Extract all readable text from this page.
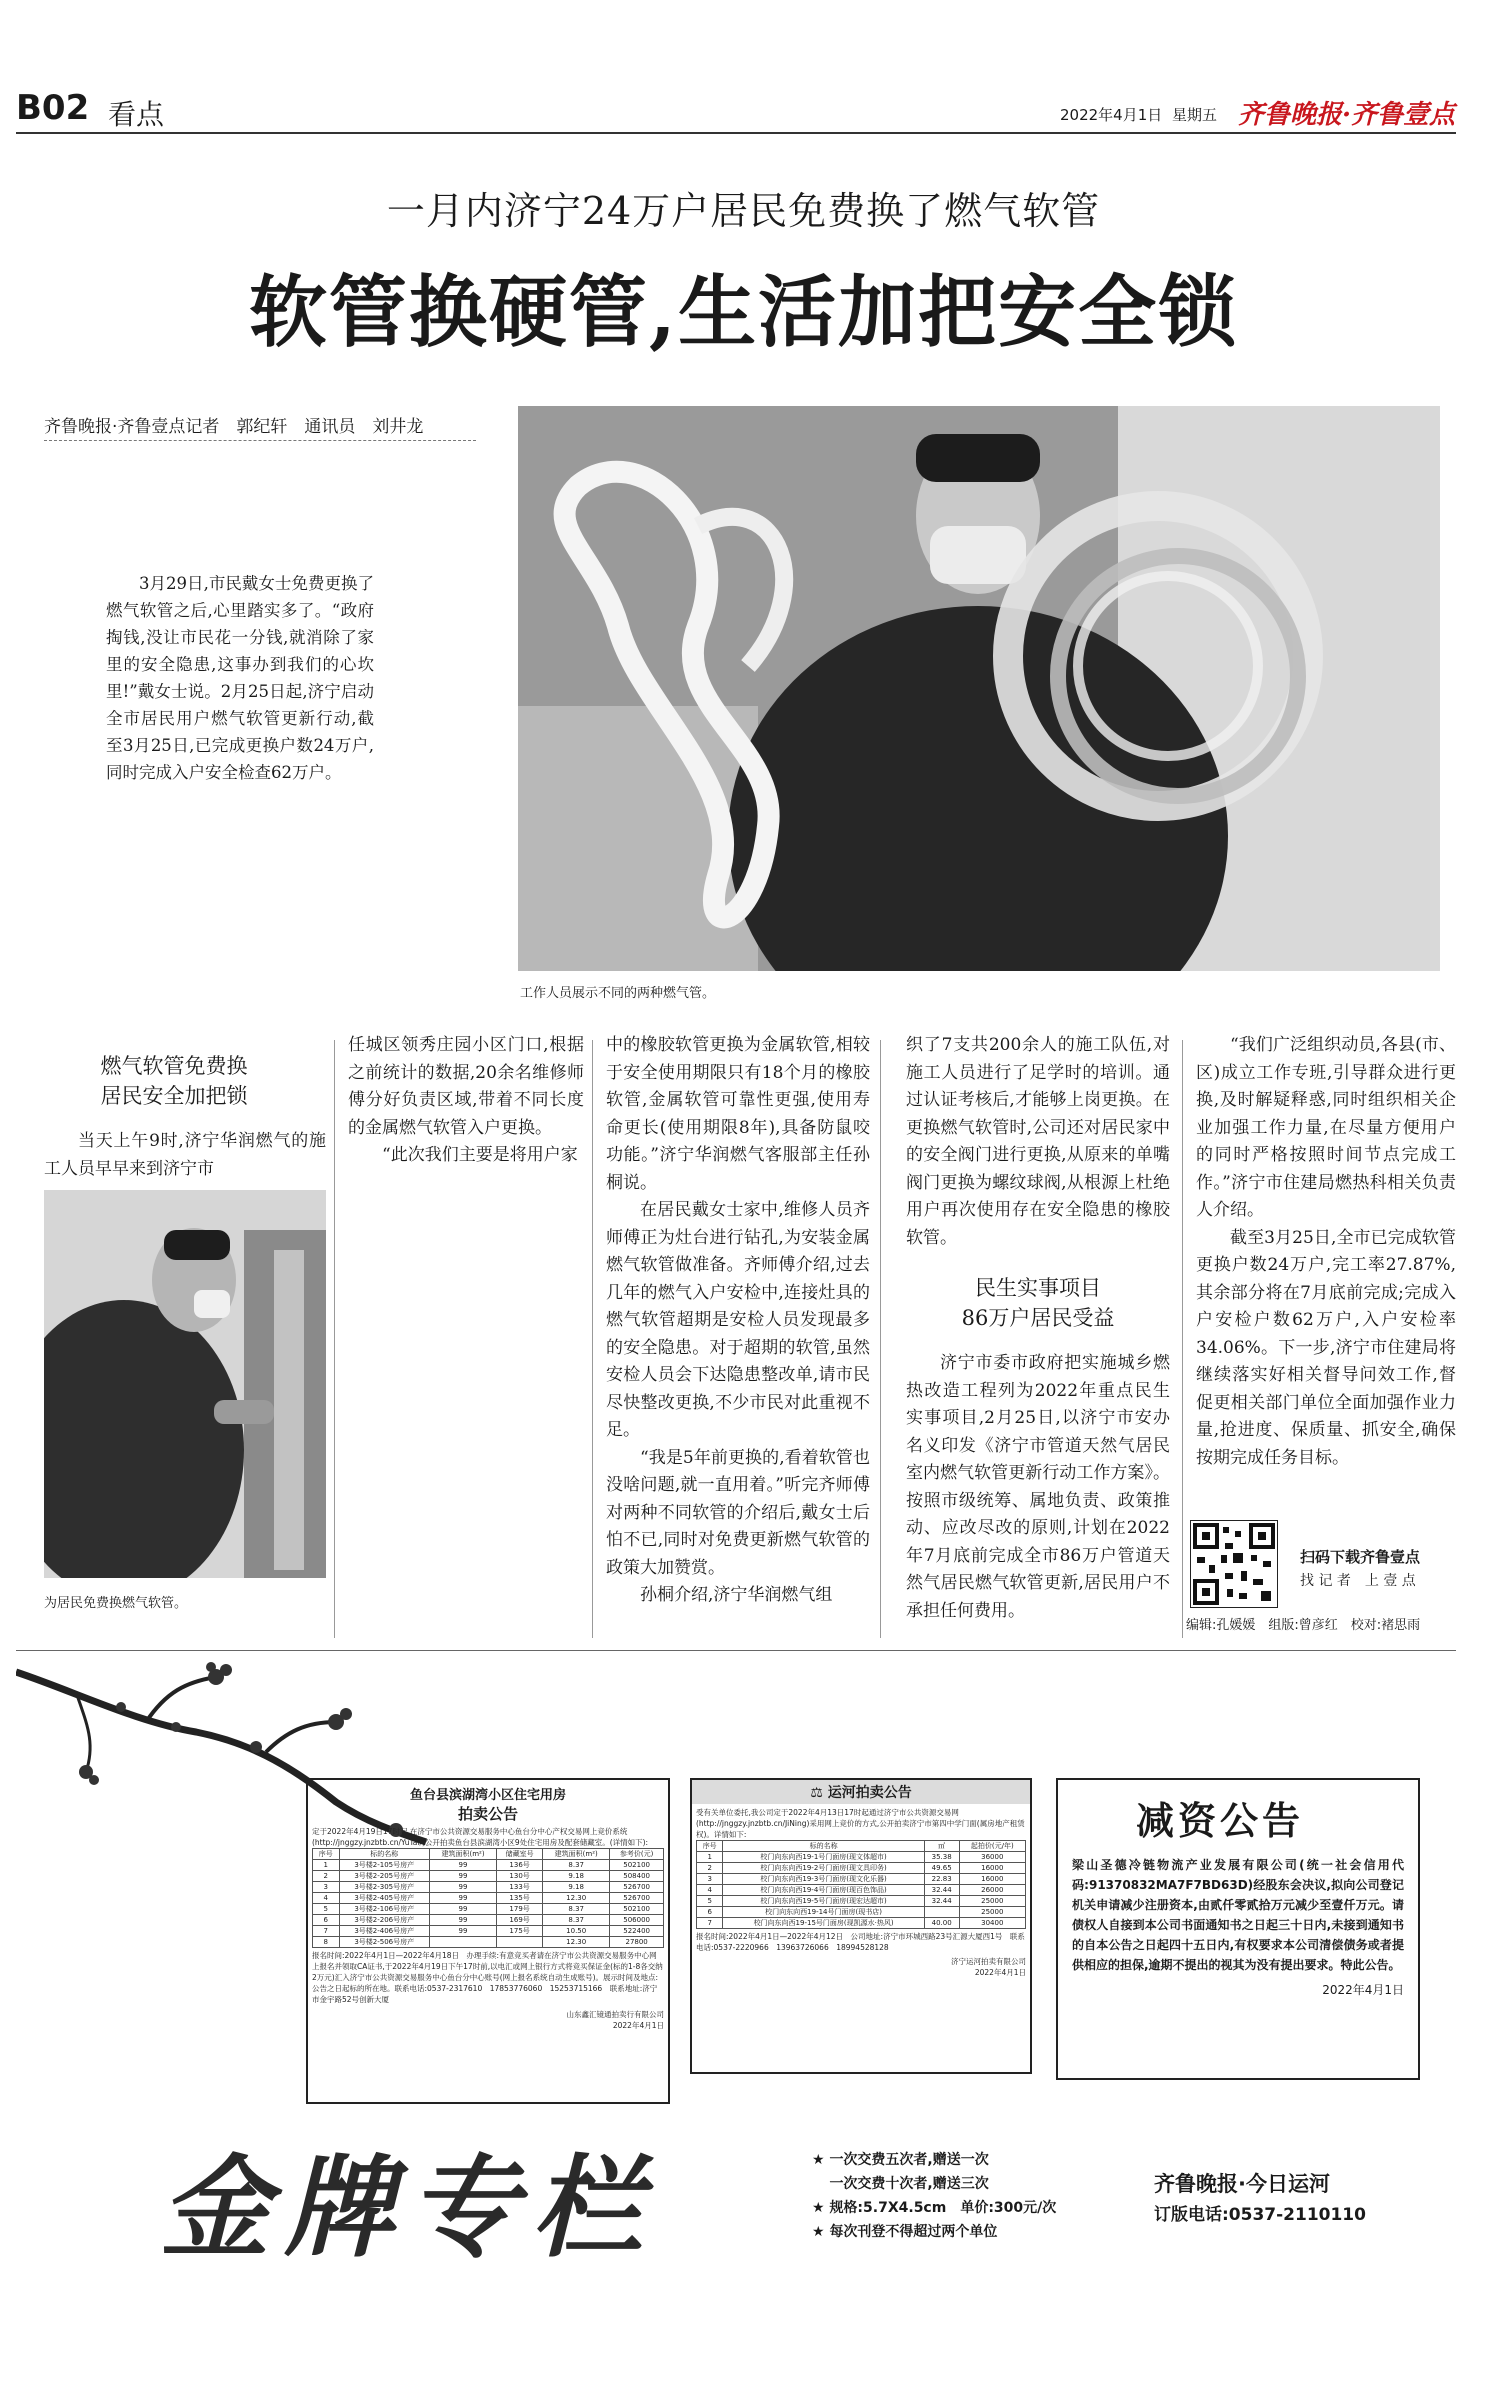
B02 看点	2022年4月1日 星期五 齐鲁晚报·齐鲁壹点
一月内济宁24万户居民免费换了燃气软管
软管换硬管,生活加把安全锁
齐鲁晚报·齐鲁壹点记者　郭纪轩　通讯员　刘井龙

3月29日,市民戴女士免费更换了燃气软管之后,心里踏实多了。“政府掏钱,没让市民花一分钱,就消除了家里的安全隐患,这事办到我们的心坎里!”戴女士说。2月25日起,济宁启动全市居民用户燃气软管更新行动,截至3月25日,已完成更换户数24万户,同时完成入户安全检查62万户。

工作人员展示不同的两种燃气管。
为居民免费换燃气软管。
燃气软管免费换
居民安全加把锁

当天上午9时,济宁华润燃气的施工人员早早来到济宁市

任城区领秀庄园小区门口,根据之前统计的数据,20余名维修师傅分好负责区域,带着不同长度的金属燃气软管入户更换。

“此次我们主要是将用户家

中的橡胶软管更换为金属软管,相较于安全使用期限只有18个月的橡胶软管,金属软管可靠性更强,使用寿命更长(使用期限8年),具备防鼠咬功能。”济宁华润燃气客服部主任孙桐说。

在居民戴女士家中,维修人员齐师傅正为灶台进行钻孔,为安装金属燃气软管做准备。齐师傅介绍,过去几年的燃气入户安检中,连接灶具的燃气软管超期是安检人员发现最多的安全隐患。对于超期的软管,虽然安检人员会下达隐患整改单,请市民尽快整改更换,不少市民对此重视不足。

“我是5年前更换的,看着软管也没啥问题,就一直用着。”听完齐师傅对两种不同软管的介绍后,戴女士后怕不已,同时对免费更新燃气软管的政策大加赞赏。

孙桐介绍,济宁华润燃气组

织了7支共200余人的施工队伍,对施工人员进行了足学时的培训。通过认证考核后,才能够上岗更换。在更换燃气软管时,公司还对居民家中的安全阀门进行更换,从原来的单嘴阀门更换为螺纹球阀,从根源上杜绝用户再次使用存在安全隐患的橡胶软管。

民生实事项目
86万户居民受益

济宁市委市政府把实施城乡燃热改造工程列为2022年重点民生实事项目,2月25日,以济宁市安办名义印发《济宁市管道天然气居民室内燃气软管更新行动工作方案》。按照市级统筹、属地负责、政策推动、应改尽改的原则,计划在2022年7月底前完成全市86万户管道天然气居民燃气软管更新,居民用户不承担任何费用。

“我们广泛组织动员,各县(市、区)成立工作专班,引导群众进行更换,及时解疑释惑,同时组织相关企业加强工作力量,在尽量方便用户的同时严格按照时间节点完成工作。”济宁市住建局燃热科相关负责人介绍。

截至3月25日,全市已完成软管更换户数24万户,完工率27.87%,其余部分将在7月底前完成;完成入户安检户数62万户,入户安检率34.06%。下一步,济宁市住建局将继续落实好相关督导问效工作,督促更相关部门单位全面加强作业力量,抢进度、保质量、抓安全,确保按期完成任务目标。

扫码下载齐鲁壹点
找 记 者　上 壹 点
编辑:孔媛媛　组版:曾彦红　校对:褚思雨
鱼台县滨湖湾小区住宅用房
拍卖公告
定于2022年4月19日17时起,在济宁市公共资源交易服务中心鱼台分中心产权交易网上竞价系统(http://jnggzy.jnzbtb.cn/YuTai/)公开拍卖鱼台县滨湖湾小区9处住宅用房及配套储藏室。(详情如下):
序号	标的名称	建筑面积(m²)	储藏室号	建筑面积(m²)	参考价(元)
1	3号楼2-105号房产	99	136号	8.37	502100
2	3号楼2-205号房产	99	130号	9.18	508400
3	3号楼2-305号房产	99	133号	9.18	526700
4	3号楼2-405号房产	99	135号	12.30	526700
5	3号楼2-106号房产	99	179号	8.37	502100
6	3号楼2-206号房产	99	169号	8.37	506000
7	3号楼2-406号房产	99	175号	10.50	522400
8	3号楼2-506号房产			12.30	27800
报名时间:2022年4月1日—2022年4月18日　办理手续:有意竞买者请在济宁市公共资源交易服务中心网上报名并领取CA证书,于2022年4月19日下午17时前,以电汇或网上银行方式将竞买保证金(标的1-8各交纳2万元)汇入济宁市公共资源交易服务中心鱼台分中心账号(网上报名系统自动生成账号)。展示时间及地点:公告之日起标的所在地。联系电话:0537-2317610　17853776060　15253715166　联系地址:济宁市金宇路52号创新大厦
山东鑫汇镜通拍卖行有限公司
2022年4月1日
⚖ 运河拍卖公告
受有关单位委托,我公司定于2022年4月13日17时起通过济宁市公共资源交易网(http://jnggzy.jnzbtb.cn/JiNing)采用网上竞价的方式,公开拍卖济宁市第四中学门面(属房地产租赁权)。详情如下:
序号	标的名称	㎡	起拍价(元/年)
1	校门向东向西19-1号门面房(现文体超市)	35.38	36000
2	校门向东向西19-2号门面房(现文具印务)	49.65	16000
3	校门向东向西19-3号门面房(现文化乐器)	22.83	16000
4	校门向东向西19-4号门面房(现百色饰品)	32.44	26000
5	校门向东向西19-5号门面房(现宏达超市)	32.44	25000
6	校门向东向西19-14号门面房(现书店)		25000
7	校门向东向西19-15号门面房(现凯源水·热风)	40.00	30400
报名时间:2022年4月1日—2022年4月12日　公司地址:济宁市环城西路23号汇源大厦西1号　联系电话:0537-2220966　13963726066　18994528128
济宁运河拍卖有限公司
2022年4月1日
减资公告
梁山圣德冷链物流产业发展有限公司(统一社会信用代码:91370832MA7F7BD63D)经股东会决议,拟向公司登记机关申请减少注册资本,由贰仟零贰拾万元减少至壹仟万元。请债权人自接到本公司书面通知书之日起三十日内,未接到通知书的自本公告之日起四十五日内,有权要求本公司清偿债务或者提供相应的担保,逾期不提出的视其为没有提出要求。特此公告。
2022年4月1日
金牌专栏	★ 一次交费五次者,赠送一次
一次交费十次者,赠送三次
★ 规格:5.7X4.5cm　单价:300元/次
★ 每次刊登不得超过两个单位
齐鲁晚报·今日运河
订版电话:0537-2110110
